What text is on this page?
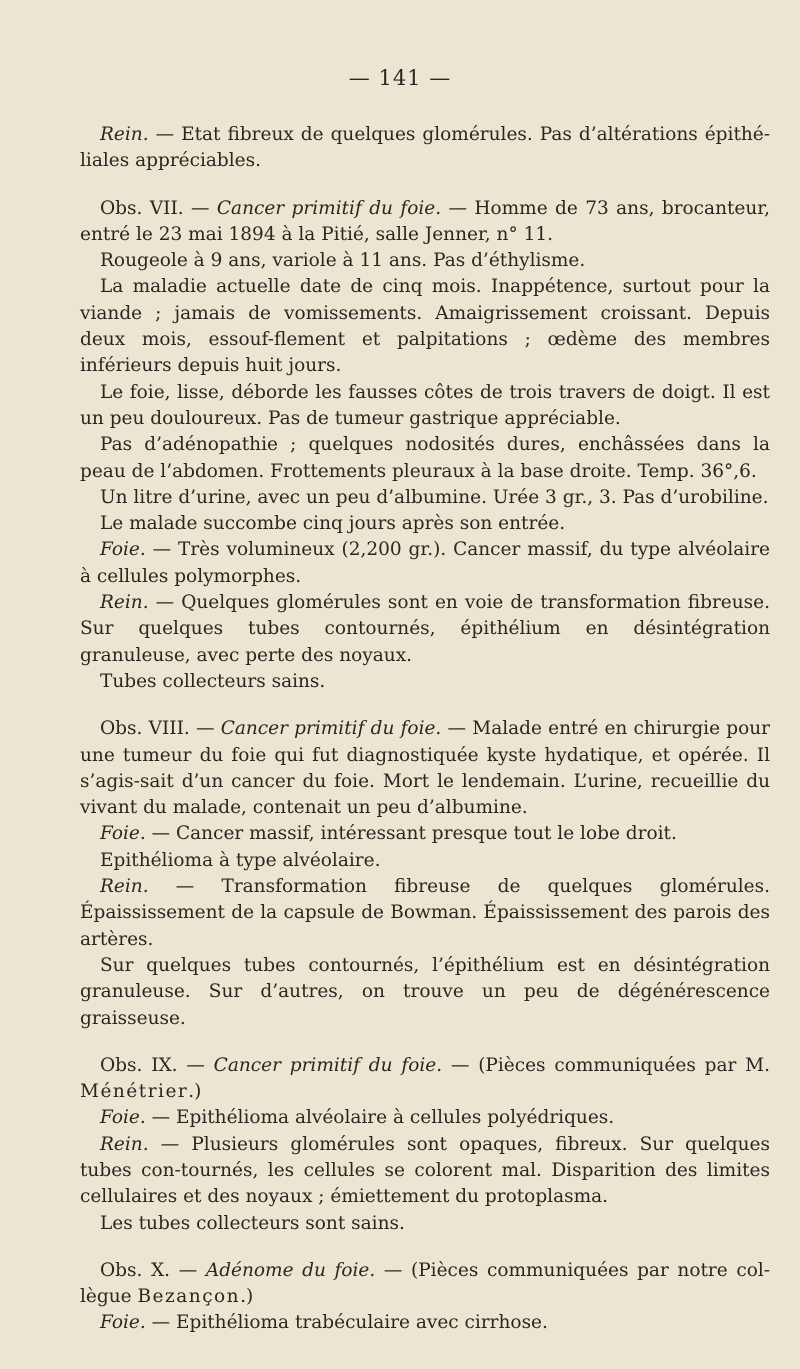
— 141 —

Rein. — Etat fibreux de quelques glomérules. Pas d’altérations épithé-liales appréciables.

Obs. VII. — Cancer primitif du foie. — Homme de 73 ans, brocanteur, entré le 23 mai 1894 à la Pitié, salle Jenner, n° 11.

Rougeole à 9 ans, variole à 11 ans. Pas d’éthylisme.

La maladie actuelle date de cinq mois. Inappétence, surtout pour la viande ; jamais de vomissements. Amaigrissement croissant. Depuis deux mois, essouf-flement et palpitations ; œdème des membres inférieurs depuis huit jours.

Le foie, lisse, déborde les fausses côtes de trois travers de doigt. Il est un peu douloureux. Pas de tumeur gastrique appréciable.

Pas d’adénopathie ; quelques nodosités dures, enchâssées dans la peau de l’abdomen. Frottements pleuraux à la base droite. Temp. 36°,6.

Un litre d’urine, avec un peu d’albumine. Urée 3 gr., 3. Pas d’urobiline.

Le malade succombe cinq jours après son entrée.

Foie. — Très volumineux (2,200 gr.). Cancer massif, du type alvéolaire à cellules polymorphes.

Rein. — Quelques glomérules sont en voie de transformation fibreuse. Sur quelques tubes contournés, épithélium en désintégration granuleuse, avec perte des noyaux.

Tubes collecteurs sains.

Obs. VIII. — Cancer primitif du foie. — Malade entré en chirurgie pour une tumeur du foie qui fut diagnostiquée kyste hydatique, et opérée. Il s’agis-sait d’un cancer du foie. Mort le lendemain. L’urine, recueillie du vivant du malade, contenait un peu d’albumine.

Foie. — Cancer massif, intéressant presque tout le lobe droit.

Epithélioma à type alvéolaire.

Rein. — Transformation fibreuse de quelques glomérules. Épaississement de la capsule de Bowman. Épaississement des parois des artères.

Sur quelques tubes contournés, l’épithélium est en désintégration granuleuse. Sur d’autres, on trouve un peu de dégénérescence graisseuse.

Obs. IX. — Cancer primitif du foie. — (Pièces communiquées par M. Ménétrier.)

Foie. — Epithélioma alvéolaire à cellules polyédriques.

Rein. — Plusieurs glomérules sont opaques, fibreux. Sur quelques tubes con-tournés, les cellules se colorent mal. Disparition des limites cellulaires et des noyaux ; émiettement du protoplasma.

Les tubes collecteurs sont sains.

Obs. X. — Adénome du foie. — (Pièces communiquées par notre col-lègue Bezançon.)

Foie. — Epithélioma trabéculaire avec cirrhose.
